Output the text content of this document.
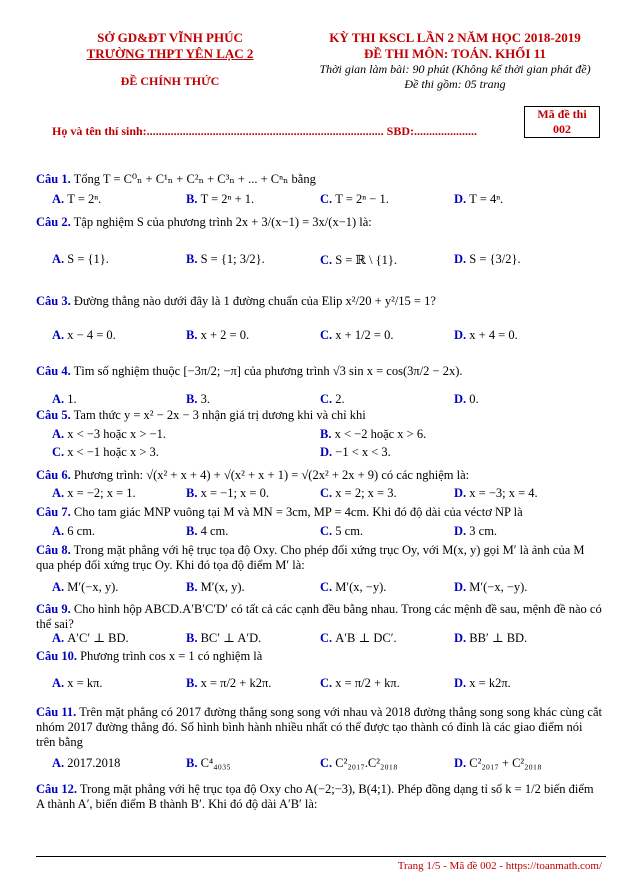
SỞ GD&ĐT VĨNH PHÚC
TRƯỜNG THPT YÊN LẠC 2
ĐỀ CHÍNH THỨC
KỲ THI KSCL LẦN 2 NĂM HỌC 2018-2019
ĐỀ THI MÔN: TOÁN. KHỐI 11
Thời gian làm bài: 90 phút (Không kể thời gian phát đề)
Đề thi gồm: 05 trang
Họ và tên thí sinh:............................................................................... SBD:.....................
Mã đề thi
002
Câu 1. Tổng T = C⁰ₙ + C¹ₙ + C²ₙ + C³ₙ + ... + Cⁿₙ bằng
A. T = 2ⁿ.	B. T = 2ⁿ + 1.	C. T = 2ⁿ − 1.	D. T = 4ⁿ.
Câu 2. Tập nghiệm S của phương trình 2x + 3/(x−1) = 3x/(x−1) là:
A. S = {1}.	B. S = {1; 3/2}.	C. S = ℝ \ {1}.	D. S = {3/2}.
Câu 3. Đường thẳng nào dưới đây là 1 đường chuẩn của Elip x²/20 + y²/15 = 1?
A. x − 4 = 0.	B. x + 2 = 0.	C. x + 1/2 = 0.	D. x + 4 = 0.
Câu 4. Tìm số nghiệm thuộc [−3π/2; −π] của phương trình √3 sin x = cos(3π/2 − 2x).
A. 1.	B. 3.	C. 2.	D. 0.
Câu 5. Tam thức y = x² − 2x − 3 nhận giá trị dương khi và chỉ khi
A. x < −3 hoặc x > −1.	B. x < −2 hoặc x > 6.
C. x < −1 hoặc x > 3.	D. −1 < x < 3.
Câu 6. Phương trình: √(x² + x + 4) + √(x² + x + 1) = √(2x² + 2x + 9) có các nghiệm là:
A. x = −2; x = 1.	B. x = −1; x = 0.	C. x = 2; x = 3.	D. x = −3; x = 4.
Câu 7. Cho tam giác MNP vuông tại M và MN = 3cm, MP = 4cm. Khi đó độ dài của véctơ NP là
A. 6 cm.	B. 4 cm.	C. 5 cm.	D. 3 cm.
Câu 8. Trong mặt phẳng với hệ trục tọa độ Oxy. Cho phép đối xứng trục Oy, với M(x, y) gọi M′ là ảnh của M qua phép đối xứng trục Oy. Khi đó tọa độ điểm M′ là:
A. M′(−x, y).	B. M′(x, y).	C. M′(x, −y).	D. M′(−x, −y).
Câu 9. Cho hình hộp ABCD.A′B′C′D′ có tất cả các cạnh đều bằng nhau. Trong các mệnh đề sau, mệnh đề nào có thể sai?
A. A′C′ ⊥ BD.	B. BC′ ⊥ A′D.	C. A′B ⊥ DC′.	D. BB′ ⊥ BD.
Câu 10. Phương trình cos x = 1 có nghiệm là
A. x = kπ.	B. x = π/2 + k2π.	C. x = π/2 + kπ.	D. x = k2π.
Câu 11. Trên mặt phẳng có 2017 đường thẳng song song với nhau và 2018 đường thẳng song song khác cùng cắt nhóm 2017 đường thẳng đó. Số hình bình hành nhiều nhất có thể được tạo thành có đỉnh là các giao điểm nói trên bằng
A. 2017.2018	B. C⁴₄₀₃₅	C. C²₂₀₁₇.C²₂₀₁₈	D. C²₂₀₁₇ + C²₂₀₁₈
Câu 12. Trong mặt phẳng với hệ trục tọa độ Oxy cho A(−2;−3), B(4;1). Phép đồng dạng tỉ số k = 1/2 biến điểm A thành A′, biến điểm B thành B′. Khi đó độ dài A′B′ là:
Trang 1/5 - Mã đề 002 - https://toanmath.com/
